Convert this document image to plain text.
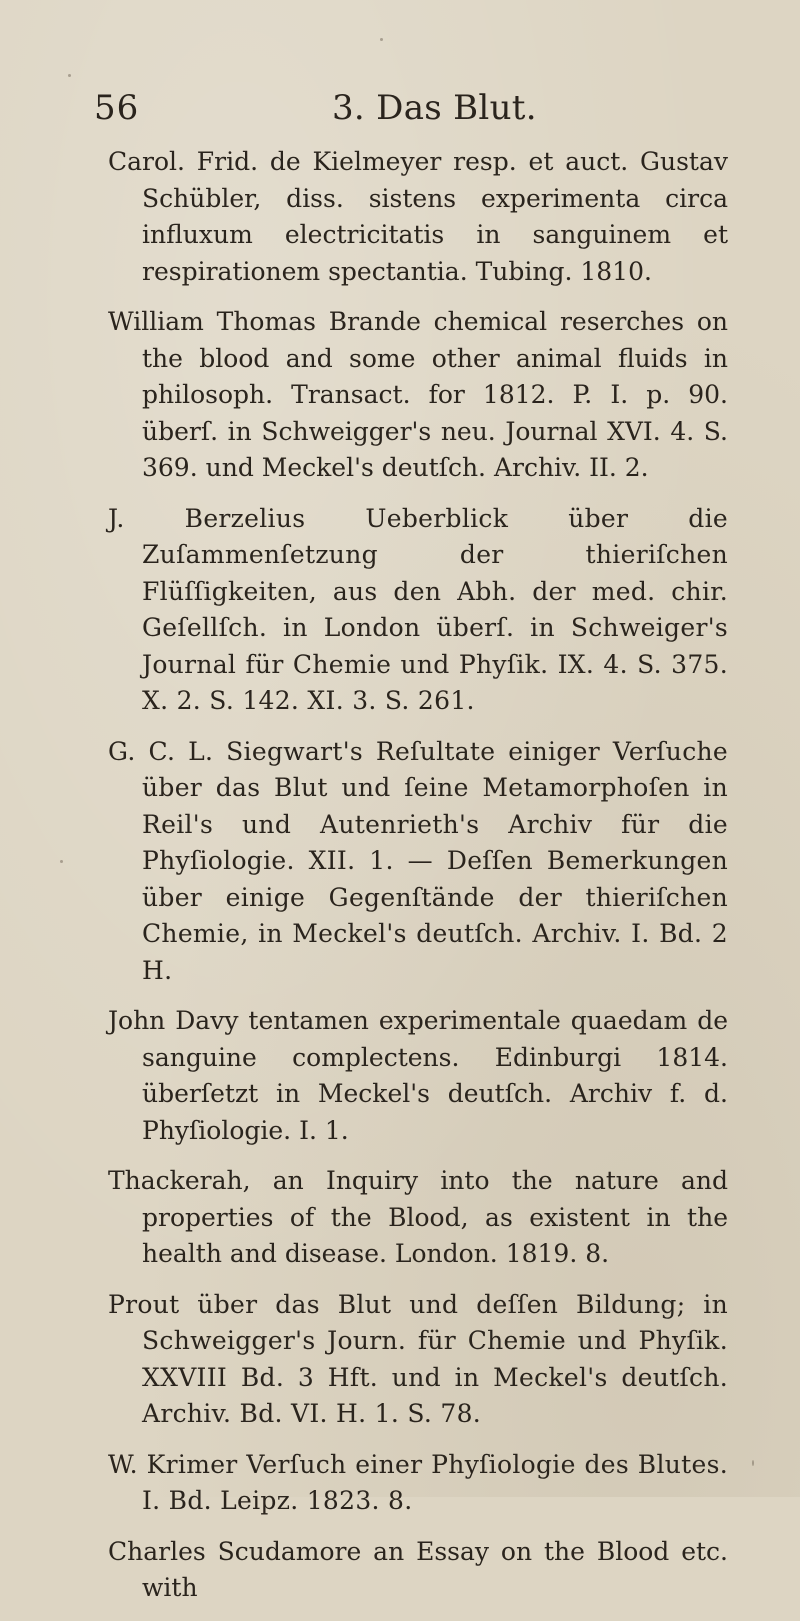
56	3. Das Blut.

Carol. Frid. de Kielmeyer resp. et auct. Gustav Schübler, diss. sistens experimenta circa influxum electricitatis in sanguinem et respirationem spectantia. Tubing. 1810.

William Thomas Brande chemical reserches on the blood and some other animal fluids in philosoph. Transact. for 1812. P. I. p. 90. überſ. in Schweigger's neu. Journal XVI. 4. S. 369. und Meckel's deutſch. Archiv. II. 2.

J. Berzelius Ueberblick über die Zuſammenſetzung der thieriſchen Flüſſigkeiten, aus den Abh. der med. chir. Geſellſch. in London überſ. in Schweiger's Journal für Chemie und Phyſik. IX. 4. S. 375. X. 2. S. 142. XI. 3. S. 261.

G. C. L. Siegwart's Reſultate einiger Verſuche über das Blut und ſeine Metamorphoſen in Reil's und Autenrieth's Archiv für die Phyſiologie. XII. 1. — Deſſen Bemerkungen über einige Gegenſtände der thieriſchen Chemie, in Meckel's deutſch. Archiv. I. Bd. 2 H.

John Davy tentamen experimentale quaedam de sanguine complectens. Edinburgi 1814. überſetzt in Meckel's deutſch. Archiv f. d. Phyſiologie. I. 1.

Thackerah, an Inquiry into the nature and properties of the Blood, as existent in the health and disease. London. 1819. 8.

Prout über das Blut und deſſen Bildung; in Schweigger's Journ. für Chemie und Phyſik. XXVIII Bd. 3 Hft. und in Meckel's deutſch. Archiv. Bd. VI. H. 1. S. 78.

W. Krimer Verſuch einer Phyſiologie des Blutes. I. Bd. Leipz. 1823. 8.

Charles Scudamore an Essay on the Blood etc. with
